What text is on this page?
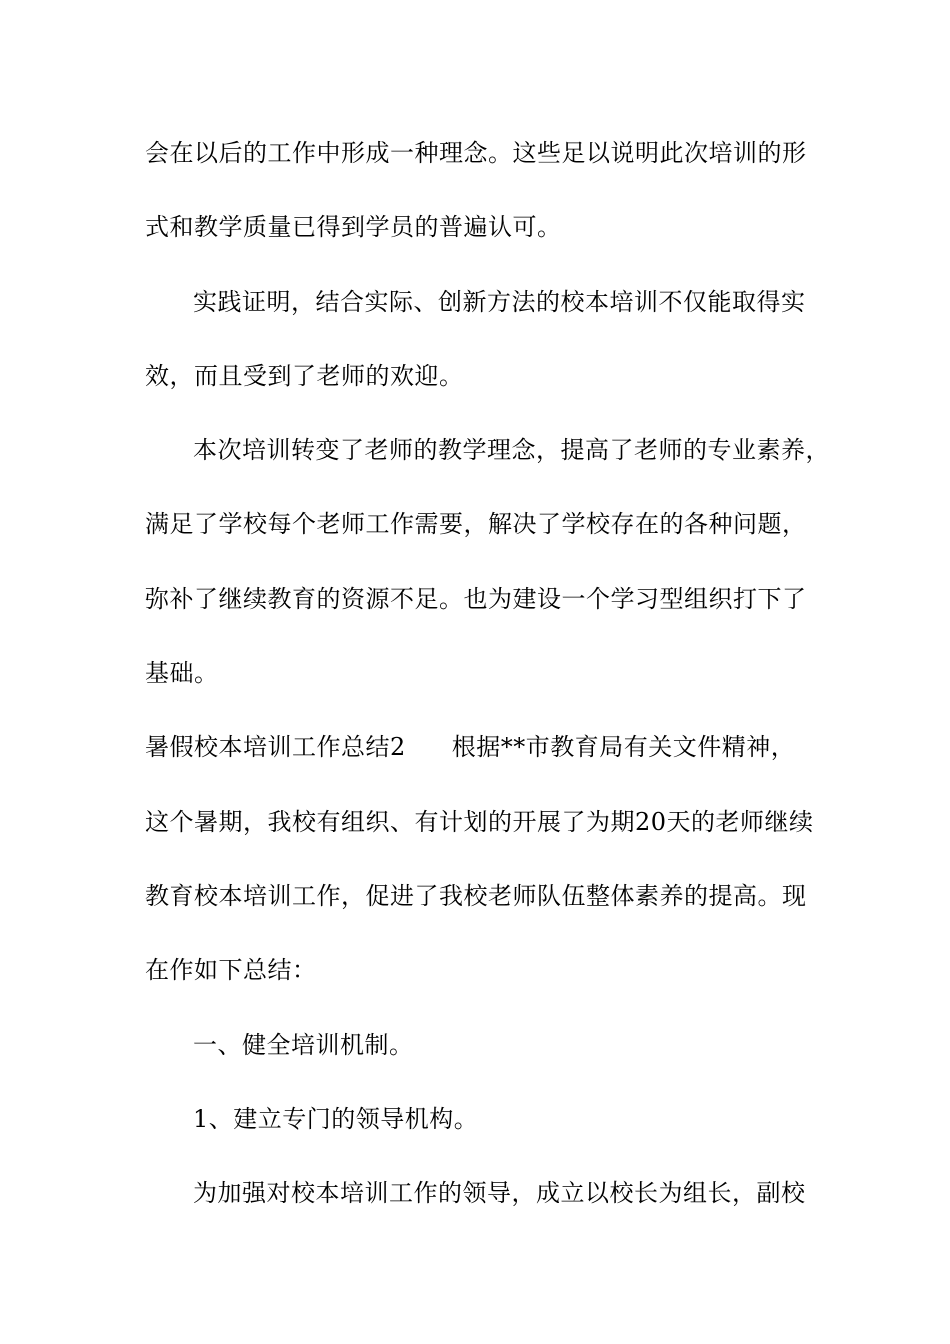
会在以后的工作中形成一种理念。这些足以说明此次培训的形
式和教学质量已得到学员的普遍认可。
实践证明，结合实际、创新方法的校本培训不仅能取得实
效，而且受到了老师的欢迎。
本次培训转变了老师的教学理念，提高了老师的专业素养，
满足了学校每个老师工作需要，解决了学校存在的各种问题，
弥补了继续教育的资源不足。也为建设一个学习型组织打下了
基础。
暑假校本培训工作总结2 根据**市教育局有关文件精神，
这个暑期，我校有组织、有计划的开展了为期20天的老师继续
教育校本培训工作，促进了我校老师队伍整体素养的提高。现
在作如下总结：
一、健全培训机制。
1、建立专门的领导机构。
为加强对校本培训工作的领导，成立以校长为组长，副校
